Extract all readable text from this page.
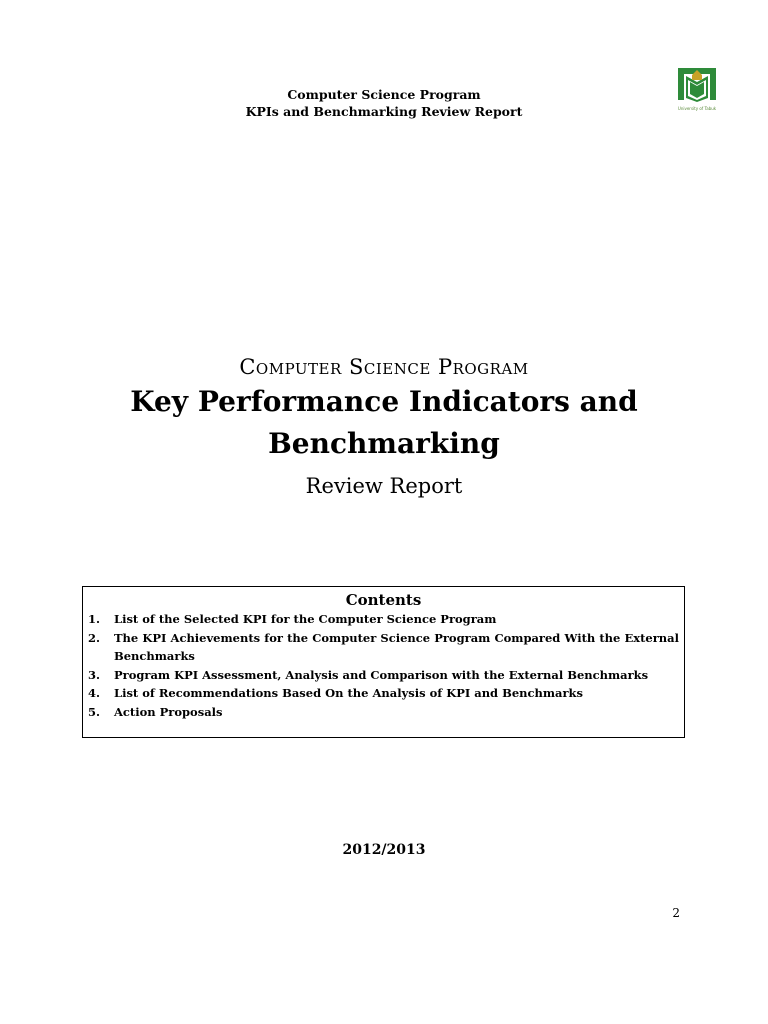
Computer Science Program
KPIs and Benchmarking Review Report	University of Tabuk

Computer Science Program

Key Performance Indicators and

Benchmarking

Review Report

Contents

1. List of the Selected KPI for the Computer Science Program
2. The KPI Achievements for the Computer Science Program Compared With the External Benchmarks
3. Program KPI Assessment, Analysis and Comparison with the External Benchmarks
4. List of Recommendations Based On the Analysis of KPI and Benchmarks
5. Action Proposals
2012/2013
2
